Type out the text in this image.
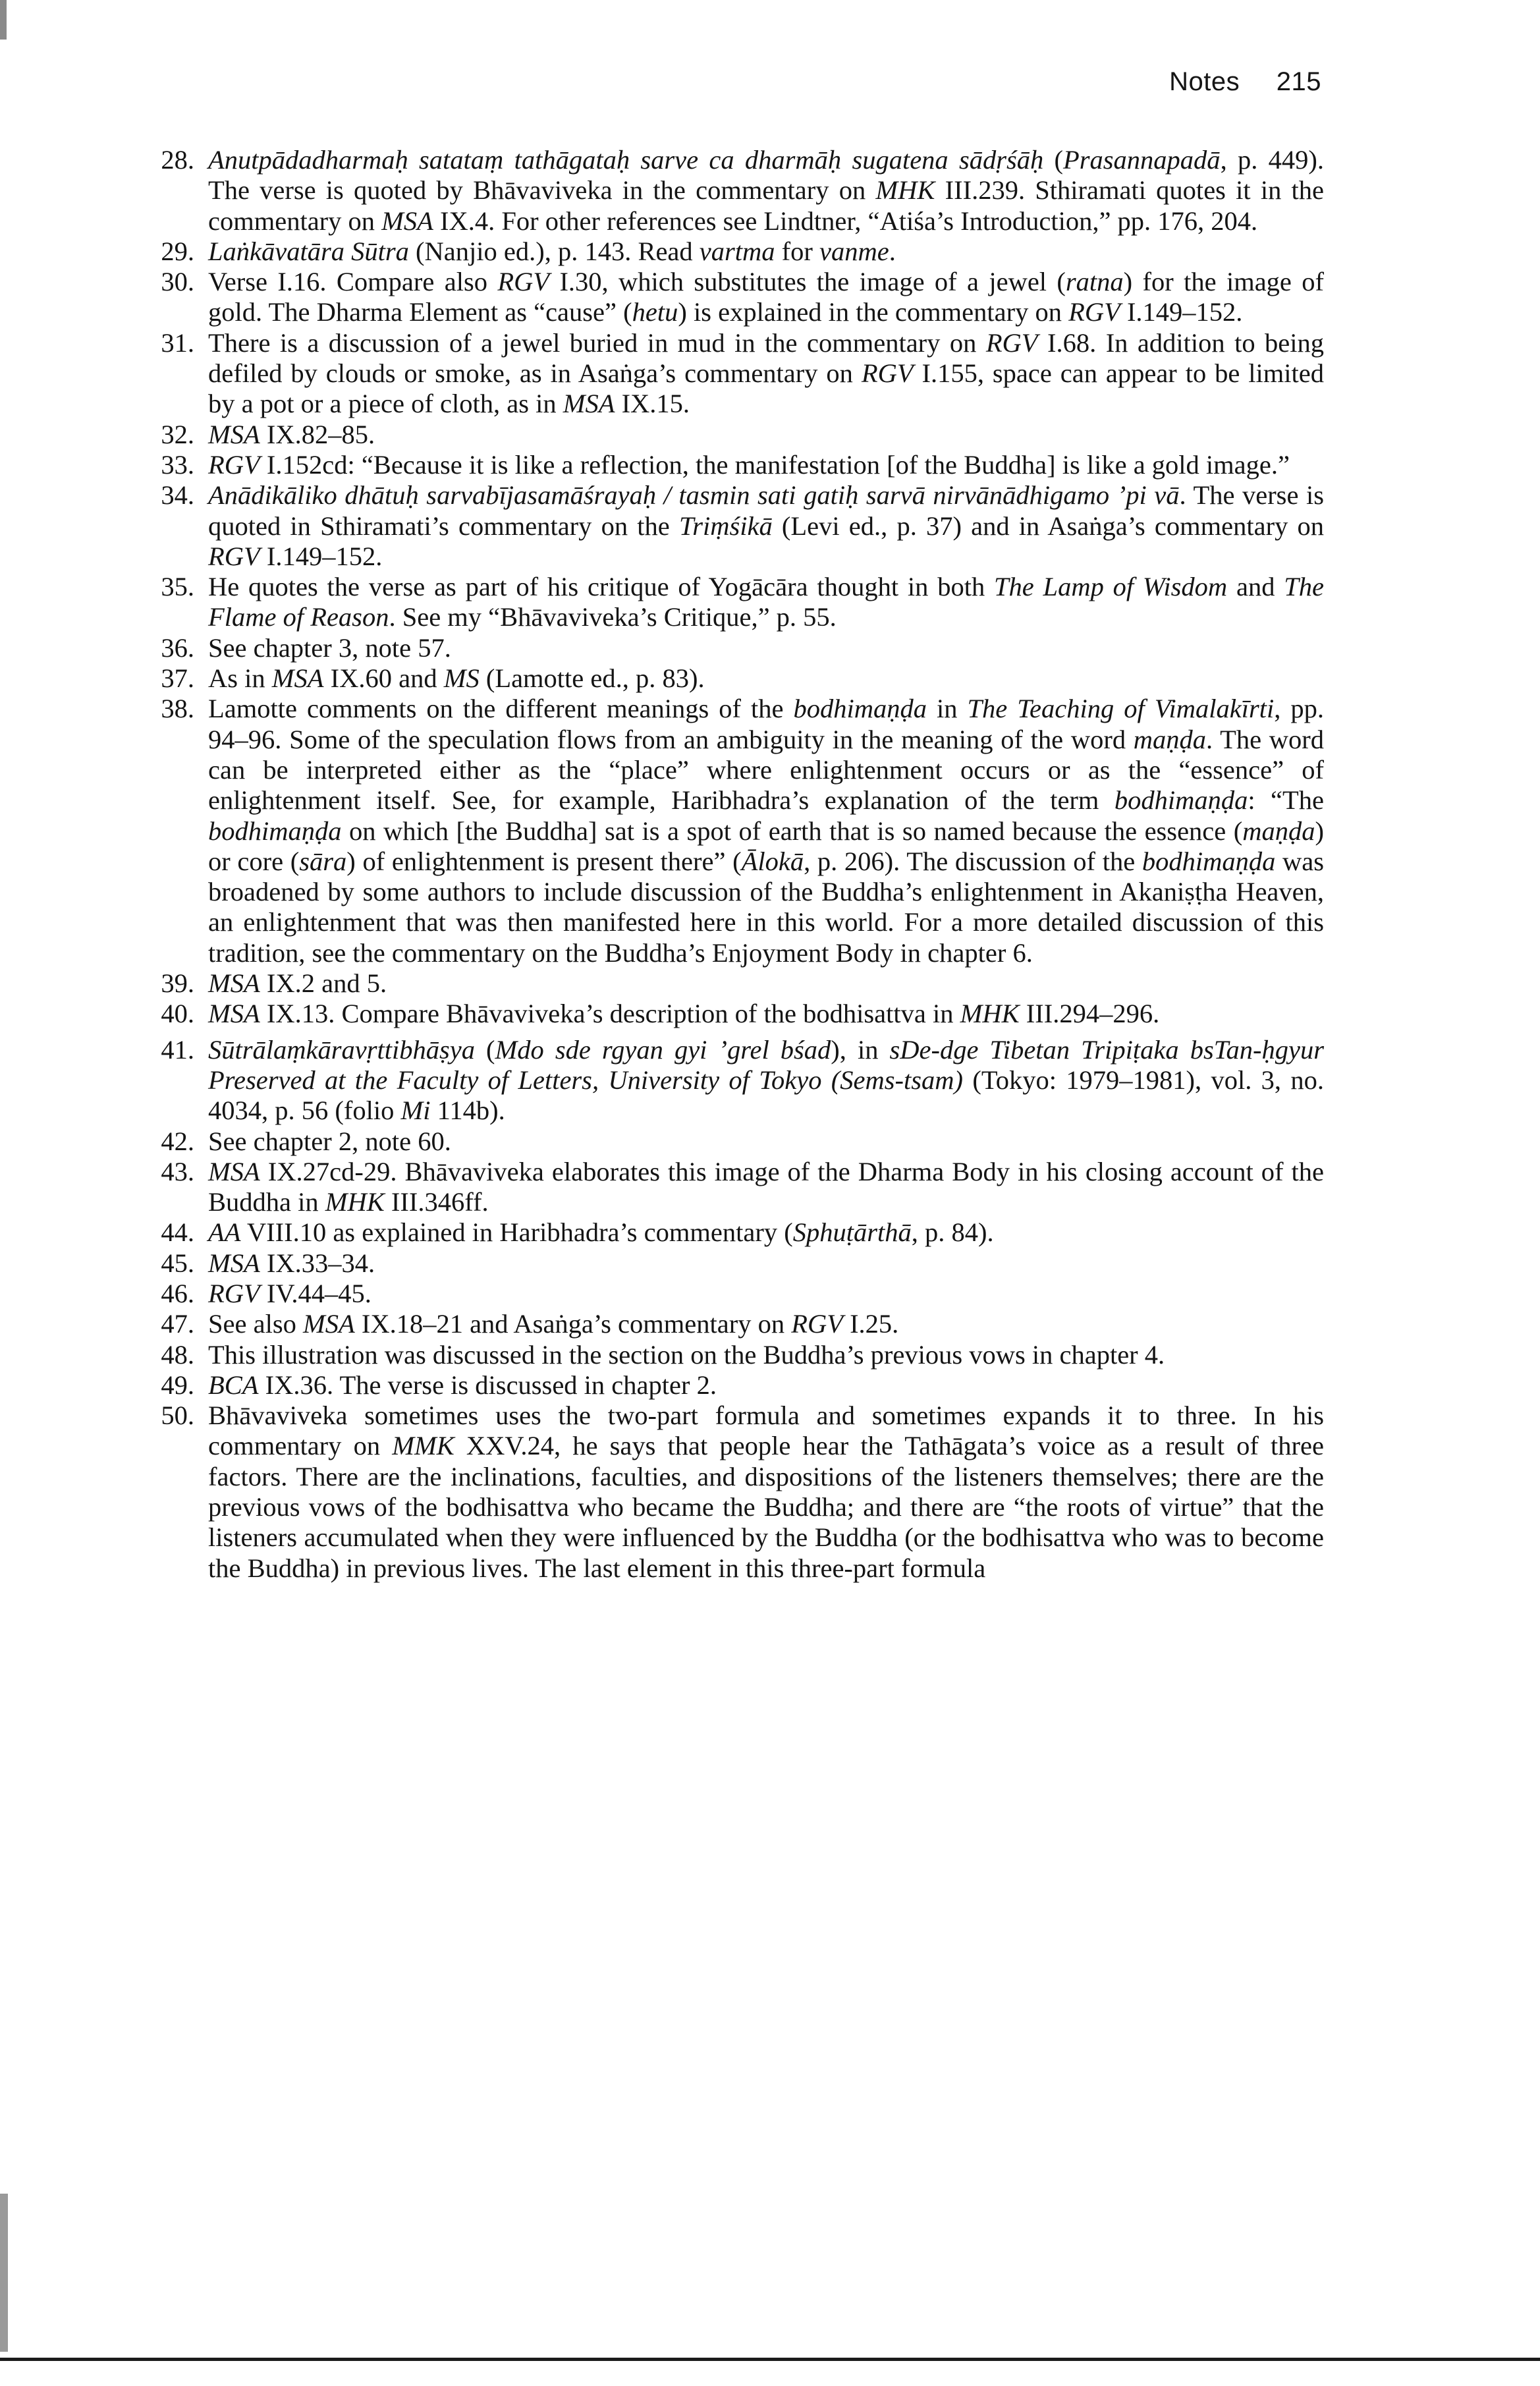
Notes 215
28. Anutpādadharmaḥ satataṃ tathāgataḥ sarve ca dharmāḥ sugatena sādṛśāḥ (Prasannapadā, p. 449). The verse is quoted by Bhāvaviveka in the commentary on MHK III.239. Sthiramati quotes it in the commentary on MSA IX.4. For other references see Lindtner, “Atiśa’s Introduction,” pp. 176, 204.
29. Laṅkāvatāra Sūtra (Nanjio ed.), p. 143. Read vartma for vanme.
30. Verse I.16. Compare also RGV I.30, which substitutes the image of a jewel (ratna) for the image of gold. The Dharma Element as “cause” (hetu) is explained in the commentary on RGV I.149–152.
31. There is a discussion of a jewel buried in mud in the commentary on RGV I.68. In addition to being defiled by clouds or smoke, as in Asaṅga’s commentary on RGV I.155, space can appear to be limited by a pot or a piece of cloth, as in MSA IX.15.
32. MSA IX.82–85.
33. RGV I.152cd: “Because it is like a reflection, the manifestation [of the Buddha] is like a gold image.”
34. Anādikāliko dhātuḥ sarvabījasamāśrayaḥ / tasmin sati gatiḥ sarvā nirvānādhigamo ’pi vā. The verse is quoted in Sthiramati’s commentary on the Triṃśikā (Levi ed., p. 37) and in Asaṅga’s commentary on RGV I.149–152.
35. He quotes the verse as part of his critique of Yogācāra thought in both The Lamp of Wisdom and The Flame of Reason. See my “Bhāvaviveka’s Critique,” p. 55.
36. See chapter 3, note 57.
37. As in MSA IX.60 and MS (Lamotte ed., p. 83).
38. Lamotte comments on the different meanings of the bodhimaṇḍa in The Teaching of Vimalakīrti, pp. 94–96. Some of the speculation flows from an ambiguity in the meaning of the word maṇḍa. The word can be interpreted either as the “place” where enlightenment occurs or as the “essence” of enlightenment itself. See, for example, Haribhadra’s explanation of the term bodhimaṇḍa: “The bodhimaṇḍa on which [the Buddha] sat is a spot of earth that is so named because the essence (maṇḍa) or core (sāra) of enlightenment is present there” (Ālokā, p. 206). The discussion of the bodhimaṇḍa was broadened by some authors to include discussion of the Buddha’s enlightenment in Akaniṣṭha Heaven, an enlightenment that was then manifested here in this world. For a more detailed discussion of this tradition, see the commentary on the Buddha’s Enjoyment Body in chapter 6.
39. MSA IX.2 and 5.
40. MSA IX.13. Compare Bhāvaviveka’s description of the bodhisattva in MHK III.294–296.
41. Sūtrālaṃkāravṛttibhāṣya (Mdo sde rgyan gyi ’grel bśad), in sDe-dge Tibetan Tripiṭaka bsTan-ḥgyur Preserved at the Faculty of Letters, University of Tokyo (Sems-tsam) (Tokyo: 1979–1981), vol. 3, no. 4034, p. 56 (folio Mi 114b).
42. See chapter 2, note 60.
43. MSA IX.27cd-29. Bhāvaviveka elaborates this image of the Dharma Body in his closing account of the Buddha in MHK III.346ff.
44. AA VIII.10 as explained in Haribhadra’s commentary (Sphuṭārthā, p. 84).
45. MSA IX.33–34.
46. RGV IV.44–45.
47. See also MSA IX.18–21 and Asaṅga’s commentary on RGV I.25.
48. This illustration was discussed in the section on the Buddha’s previous vows in chapter 4.
49. BCA IX.36. The verse is discussed in chapter 2.
50. Bhāvaviveka sometimes uses the two-part formula and sometimes expands it to three. In his commentary on MMK XXV.24, he says that people hear the Tathāgata’s voice as a result of three factors. There are the inclinations, faculties, and dispositions of the listeners themselves; there are the previous vows of the bodhisattva who became the Buddha; and there are “the roots of virtue” that the listeners accumulated when they were influenced by the Buddha (or the bodhisattva who was to become the Buddha) in previous lives. The last element in this three-part formula
